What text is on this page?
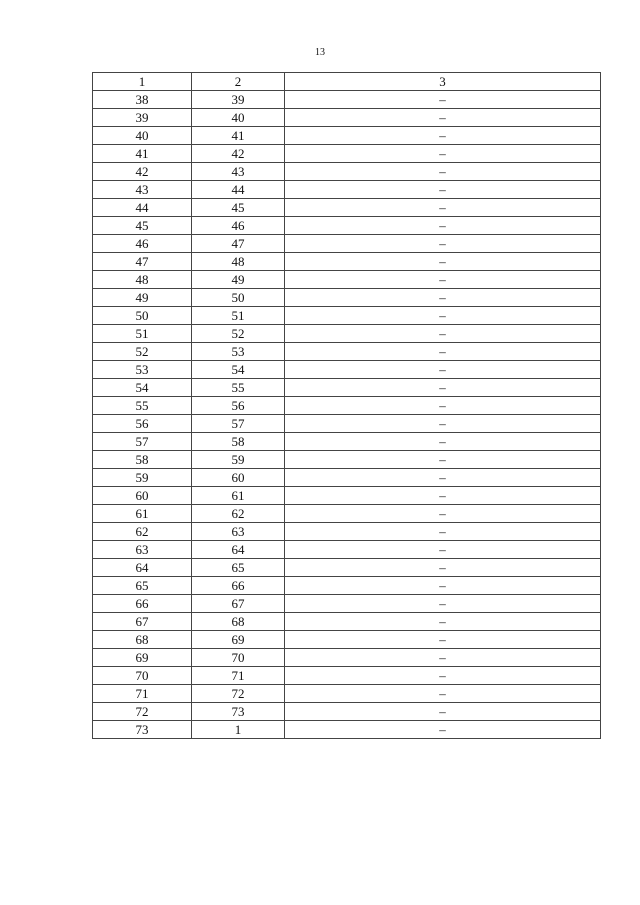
13
1	2	3
38	39	–
39	40	–
40	41	–
41	42	–
42	43	–
43	44	–
44	45	–
45	46	–
46	47	–
47	48	–
48	49	–
49	50	–
50	51	–
51	52	–
52	53	–
53	54	–
54	55	–
55	56	–
56	57	–
57	58	–
58	59	–
59	60	–
60	61	–
61	62	–
62	63	–
63	64	–
64	65	–
65	66	–
66	67	–
67	68	–
68	69	–
69	70	–
70	71	–
71	72	–
72	73	–
73	1	–
